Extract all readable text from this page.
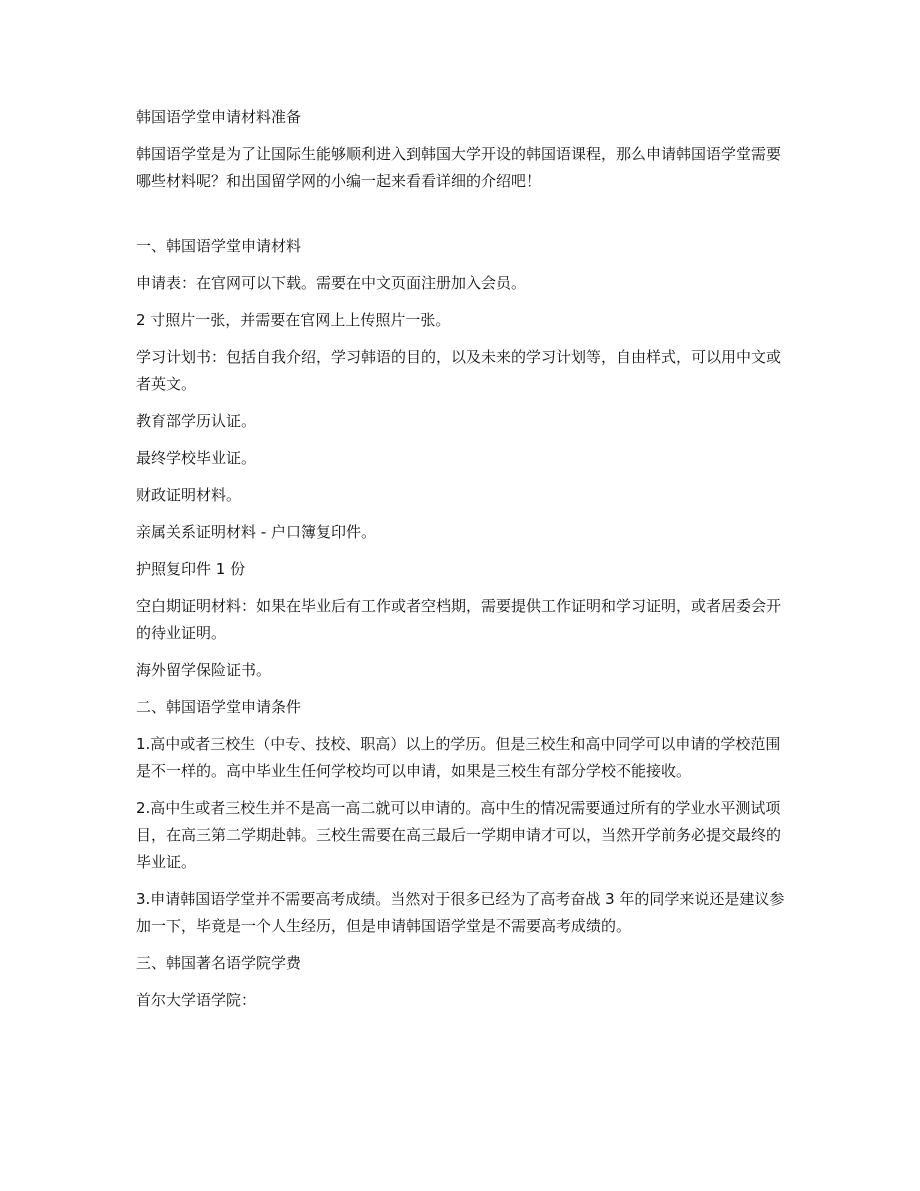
韩国语学堂申请材料准备

韩国语学堂是为了让国际生能够顺利进入到韩国大学开设的韩国语课程，那么申请韩国语学堂需要哪些材料呢？和出国留学网的小编一起来看看详细的介绍吧！

一、韩国语学堂申请材料

申请表：在官网可以下载。需要在中文页面注册加入会员。

2 寸照片一张，并需要在官网上上传照片一张。

学习计划书：包括自我介绍，学习韩语的目的，以及未来的学习计划等，自由样式，可以用中文或者英文。

教育部学历认证。

最终学校毕业证。

财政证明材料。

亲属关系证明材料 - 户口簿复印件。

护照复印件 1 份

空白期证明材料：如果在毕业后有工作或者空档期，需要提供工作证明和学习证明，或者居委会开的待业证明。

海外留学保险证书。

二、韩国语学堂申请条件

1.高中或者三校生（中专、技校、职高）以上的学历。但是三校生和高中同学可以申请的学校范围是不一样的。高中毕业生任何学校均可以申请，如果是三校生有部分学校不能接收。

2.高中生或者三校生并不是高一高二就可以申请的。高中生的情况需要通过所有的学业水平测试项目，在高三第二学期赴韩。三校生需要在高三最后一学期申请才可以，当然开学前务必提交最终的毕业证。

3.申请韩国语学堂并不需要高考成绩。当然对于很多已经为了高考奋战 3 年的同学来说还是建议参加一下，毕竟是一个人生经历，但是申请韩国语学堂是不需要高考成绩的。

三、韩国著名语学院学费

首尔大学语学院：
